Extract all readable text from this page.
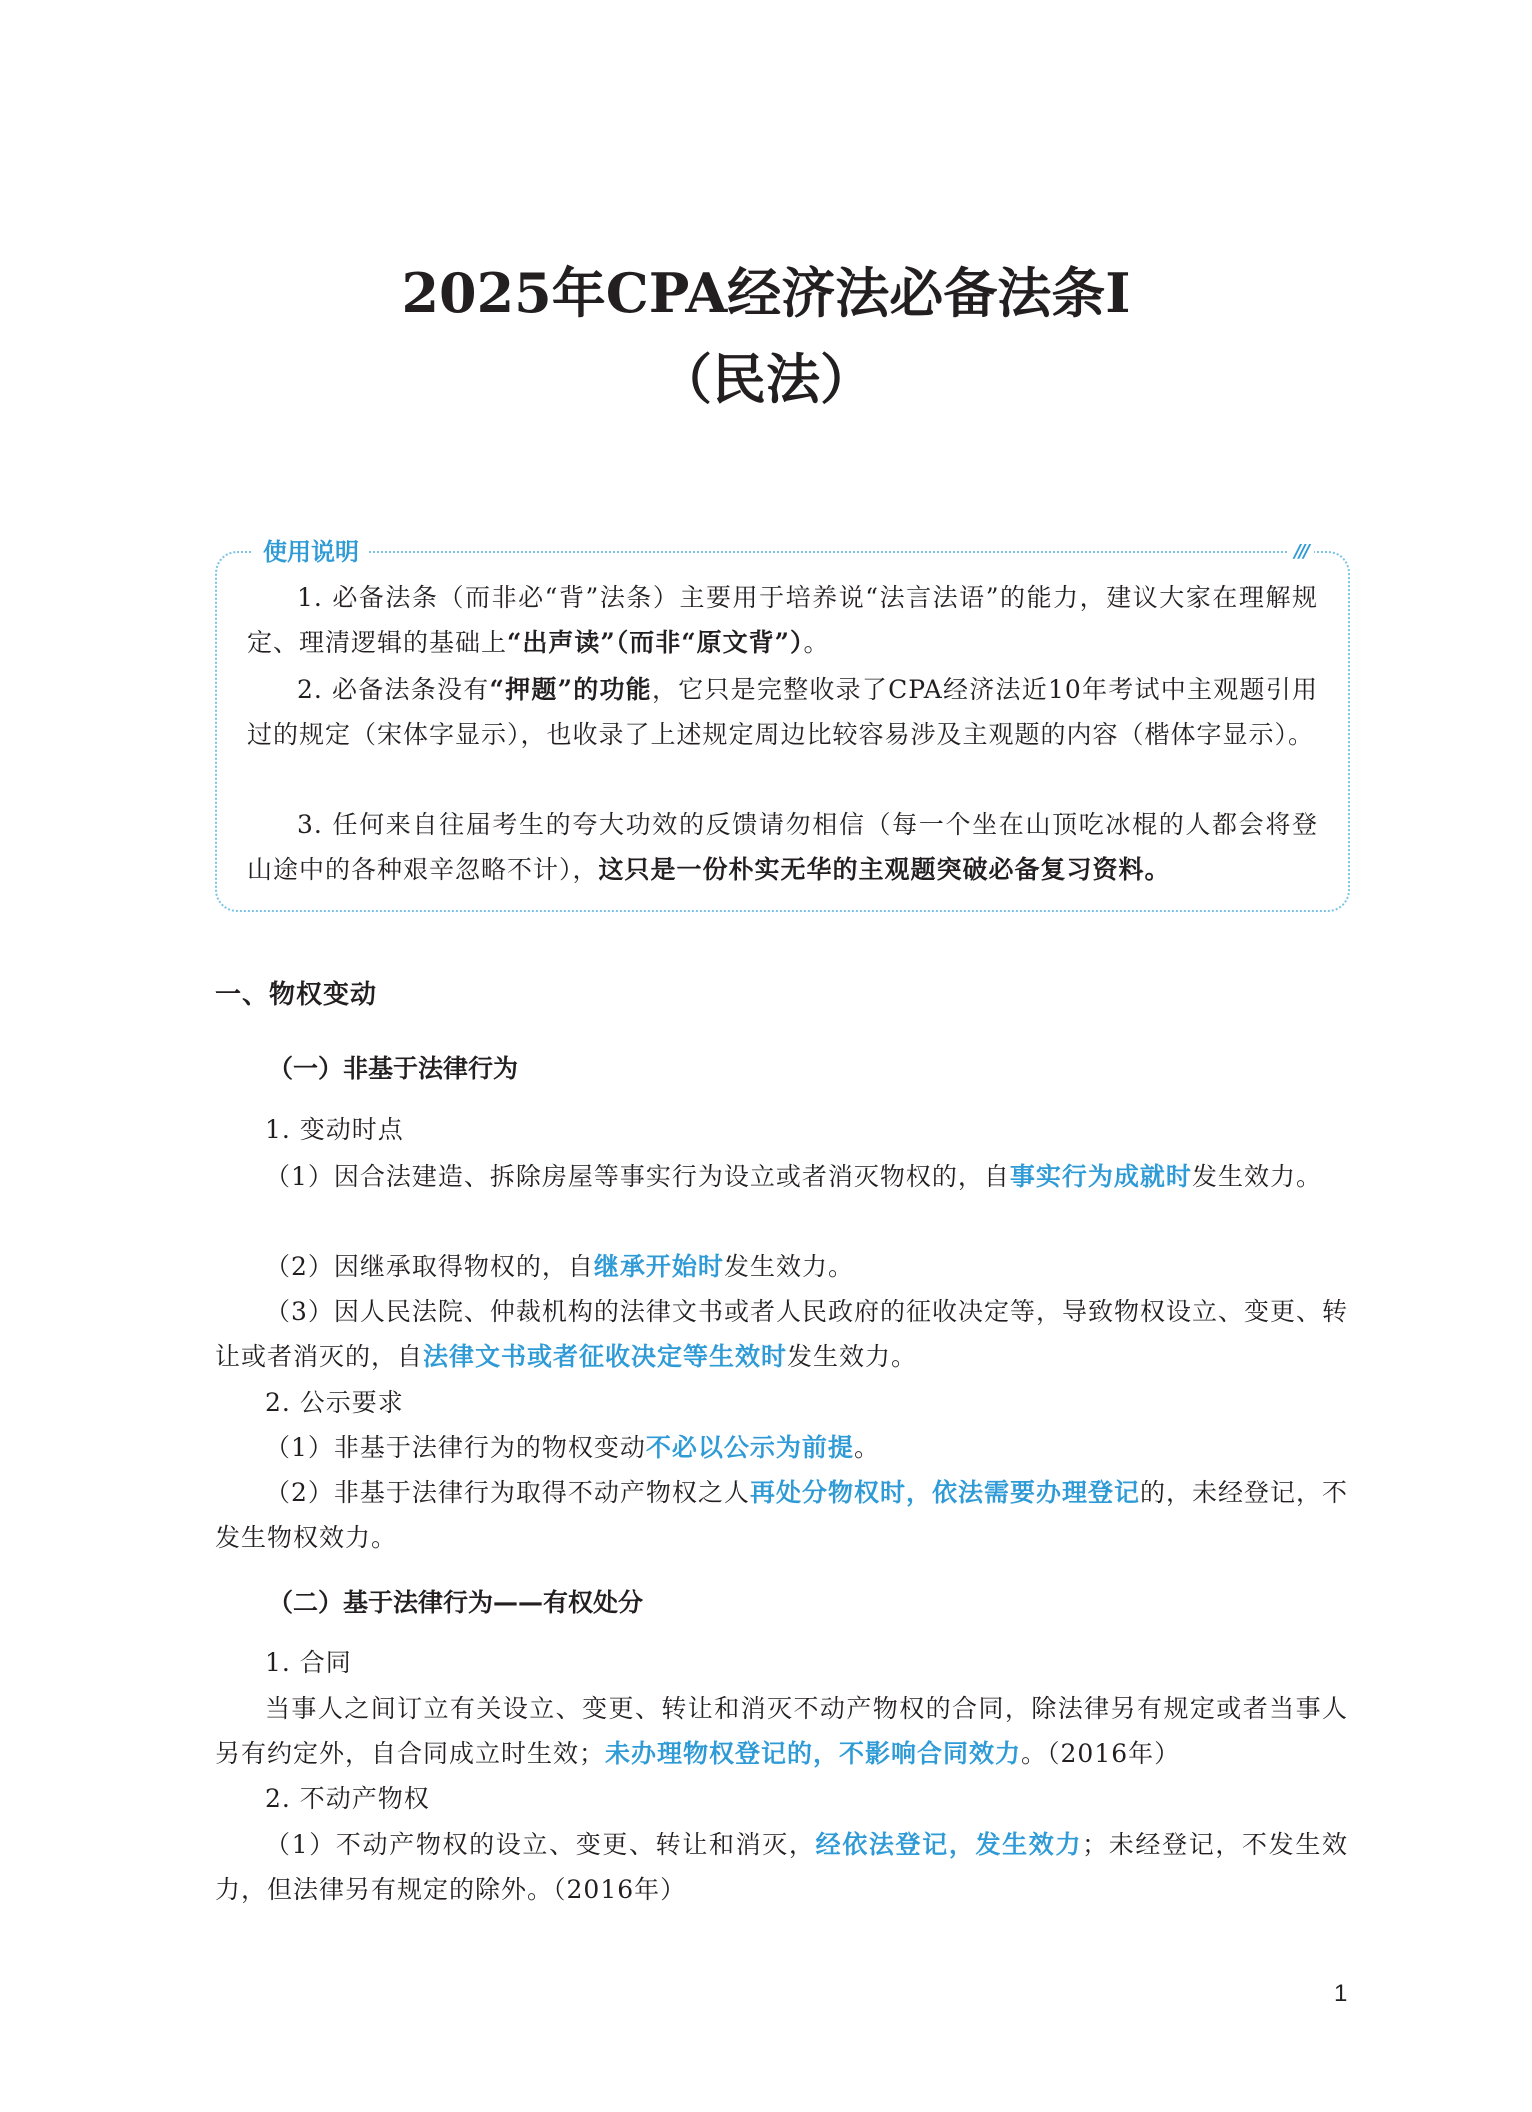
2025年CPA经济法必备法条I
（民法）
使用说明	///
1. 必备法条（而非必“背”法条）主要用于培养说“法言法语”的能力，建议大家在理解规定、理清逻辑的基础上“出声读”（而非“原文背”）。
2. 必备法条没有“押题”的功能，它只是完整收录了CPA经济法近10年考试中主观题引用过的规定（宋体字显示），也收录了上述规定周边比较容易涉及主观题的内容（楷体字显示）。
3. 任何来自往届考生的夸大功效的反馈请勿相信（每一个坐在山顶吃冰棍的人都会将登山途中的各种艰辛忽略不计），这只是一份朴实无华的主观题突破必备复习资料。
一、物权变动
（一）非基于法律行为
1. 变动时点
（1）因合法建造、拆除房屋等事实行为设立或者消灭物权的，自事实行为成就时发生效力。
（2）因继承取得物权的，自继承开始时发生效力。
（3）因人民法院、仲裁机构的法律文书或者人民政府的征收决定等，导致物权设立、变更、转让或者消灭的，自法律文书或者征收决定等生效时发生效力。
2. 公示要求
（1）非基于法律行为的物权变动不必以公示为前提。
（2）非基于法律行为取得不动产物权之人再处分物权时，依法需要办理登记的，未经登记，不发生物权效力。
（二）基于法律行为——有权处分
1. 合同
当事人之间订立有关设立、变更、转让和消灭不动产物权的合同，除法律另有规定或者当事人另有约定外，自合同成立时生效；未办理物权登记的，不影响合同效力。（2016年）
2. 不动产物权
（1）不动产物权的设立、变更、转让和消灭，经依法登记，发生效力；未经登记，不发生效力，但法律另有规定的除外。（2016年）
1
